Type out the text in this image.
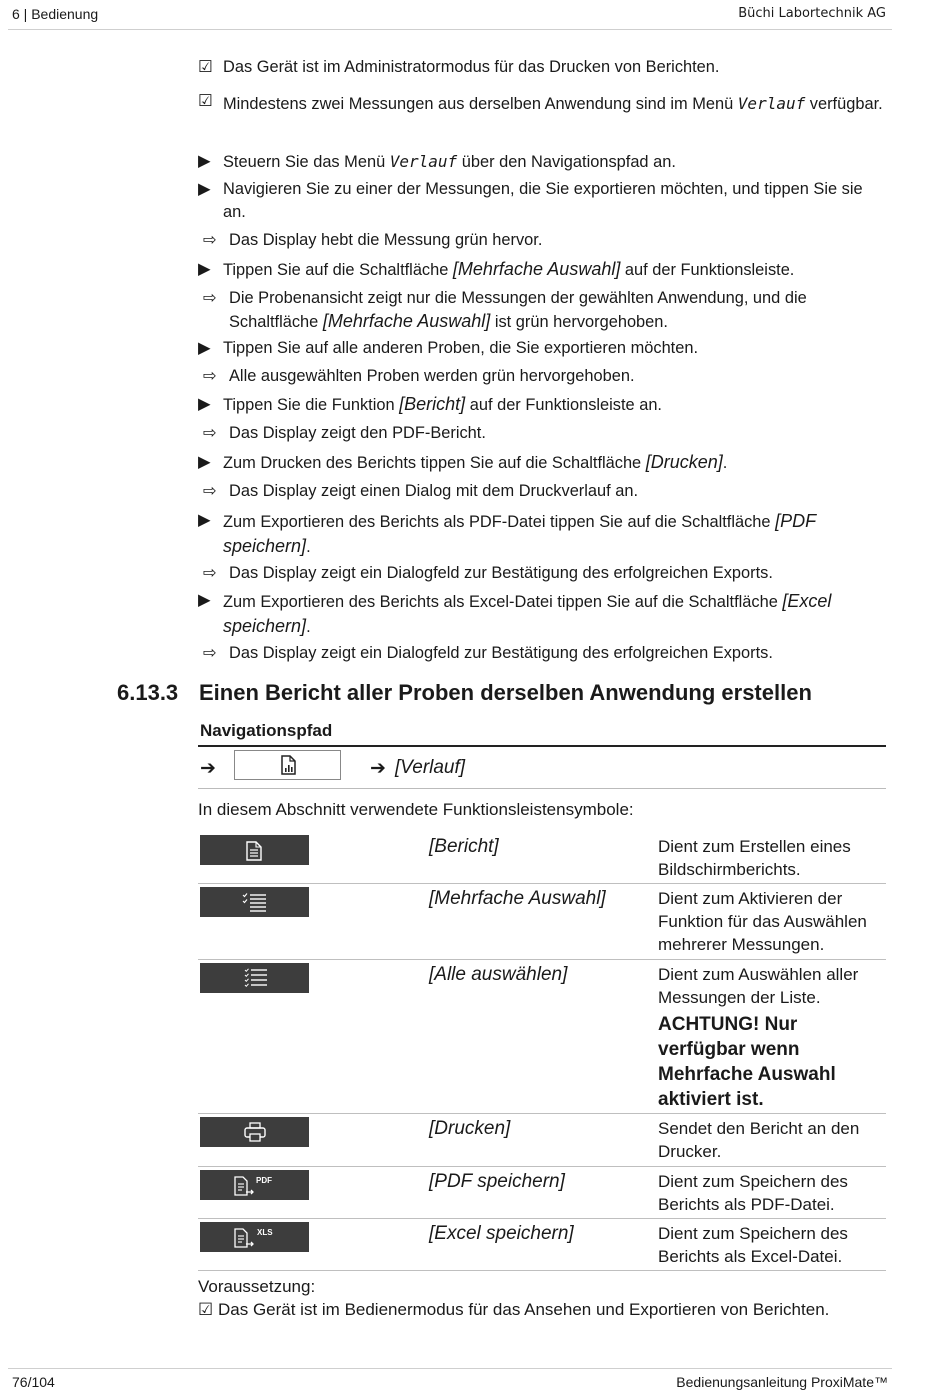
6 | Bedienung	Büchi Labortechnik AG
☑ Das Gerät ist im Administratormodus für das Drucken von Berichten.
☑ Mindestens zwei Messungen aus derselben Anwendung sind im Menü Verlauf verfügbar.
▶ Steuern Sie das Menü Verlauf über den Navigationspfad an.
▶ Navigieren Sie zu einer der Messungen, die Sie exportieren möchten, und tippen Sie sie an.
⇨ Das Display hebt die Messung grün hervor.
▶ Tippen Sie auf die Schaltfläche [Mehrfache Auswahl] auf der Funktionsleiste.
⇨ Die Probenansicht zeigt nur die Messungen der gewählten Anwendung, und die Schaltfläche [Mehrfache Auswahl] ist grün hervorgehoben.
▶ Tippen Sie auf alle anderen Proben, die Sie exportieren möchten.
⇨ Alle ausgewählten Proben werden grün hervorgehoben.
▶ Tippen Sie die Funktion [Bericht] auf der Funktionsleiste an.
⇨ Das Display zeigt den PDF-Bericht.
▶ Zum Drucken des Berichts tippen Sie auf die Schaltfläche [Drucken].
⇨ Das Display zeigt einen Dialog mit dem Druckverlauf an.
▶ Zum Exportieren des Berichts als PDF-Datei tippen Sie auf die Schaltfläche [PDF speichern].
⇨ Das Display zeigt ein Dialogfeld zur Bestätigung des erfolgreichen Exports.
▶ Zum Exportieren des Berichts als Excel-Datei tippen Sie auf die Schaltfläche [Excel speichern].
⇨ Das Display zeigt ein Dialogfeld zur Bestätigung des erfolgreichen Exports.
6.13.3 Einen Bericht aller Proben derselben Anwendung erstellen
Navigationspfad
➔	➔ [Verlauf]
In diesem Abschnitt verwendete Funktionsleistensymbole:
[Bericht]	Dient zum Erstellen eines Bildschirmberichts.
[Mehrfache Auswahl]	Dient zum Aktivieren der Funktion für das Auswählen mehrerer Messungen.
[Alle auswählen]	Dient zum Auswählen aller Messungen der Liste.
ACHTUNG! Nur verfügbar wenn Mehrfache Auswahl aktiviert ist.
[Drucken]	Sendet den Bericht an den Drucker.
PDF	[PDF speichern]	Dient zum Speichern des Berichts als PDF-Datei.
XLS	[Excel speichern]	Dient zum Speichern des Berichts als Excel-Datei.
Voraussetzung:
☑ Das Gerät ist im Bedienermodus für das Ansehen und Exportieren von Berichten.
76/104	Bedienungsanleitung ProxiMate™
